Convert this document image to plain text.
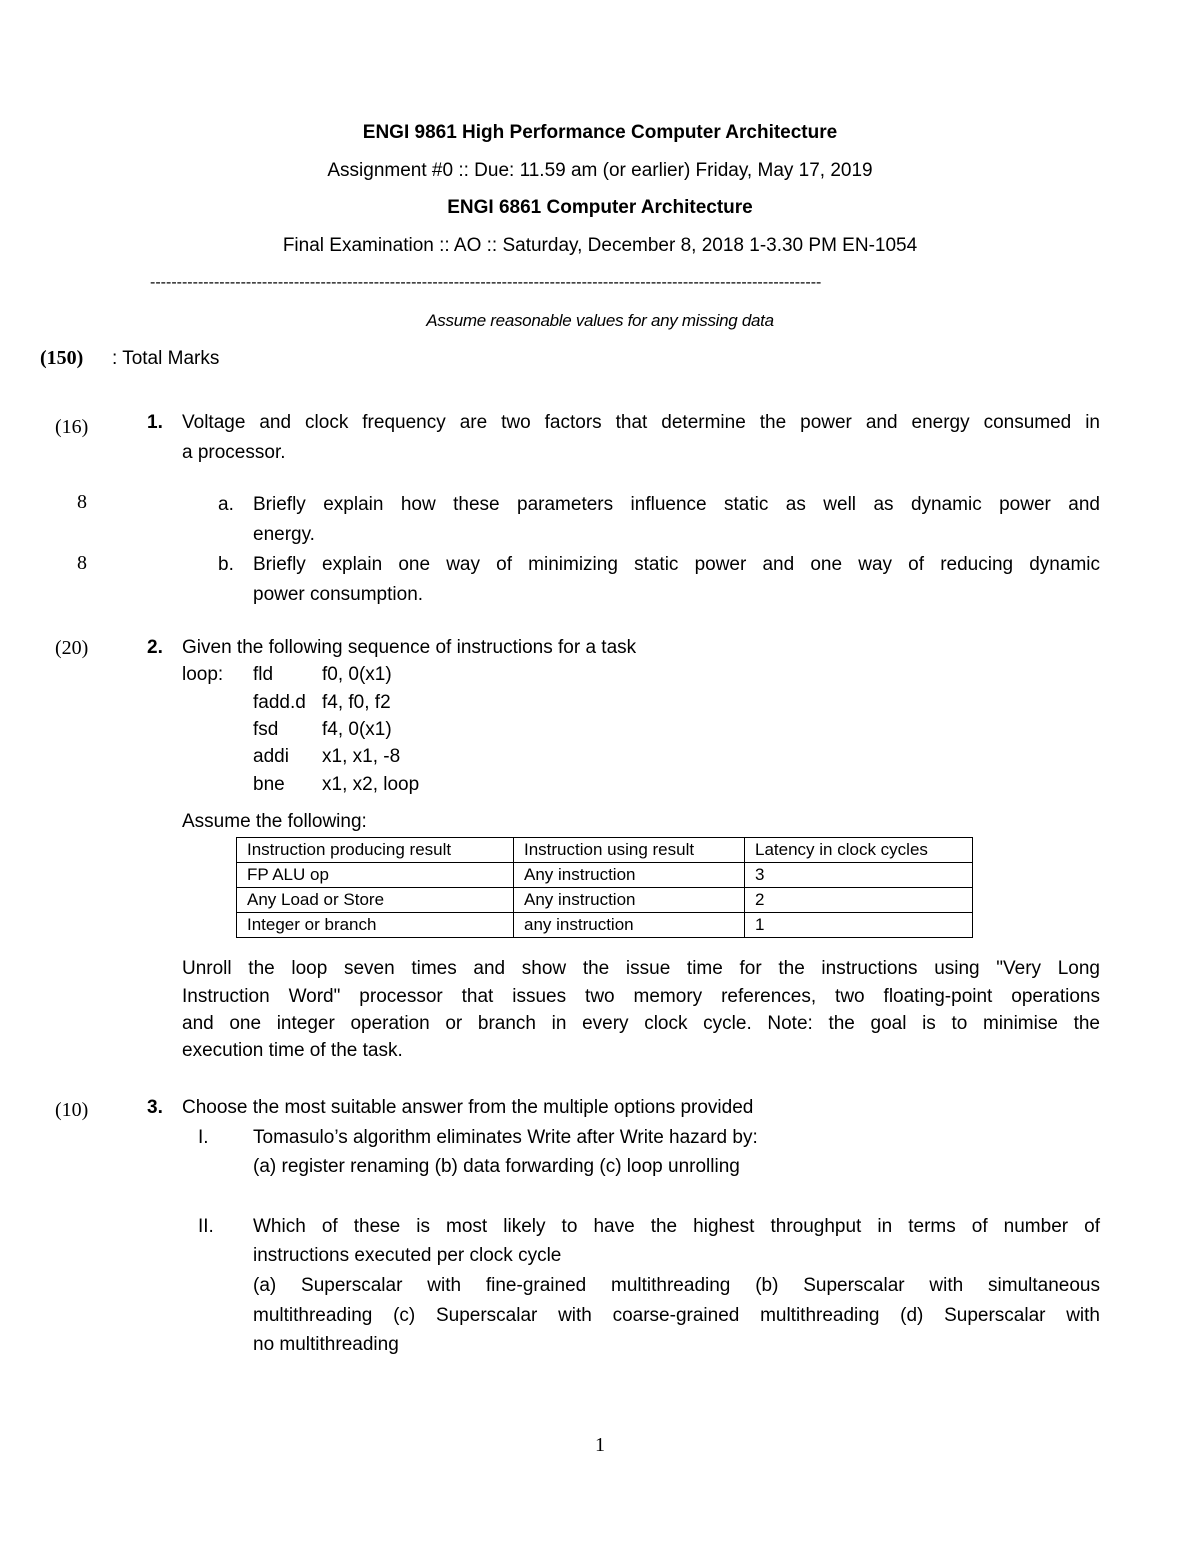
ENGI 9861 High Performance Computer Architecture
Assignment #0 :: Due: 11.59 am (or earlier) Friday, May 17, 2019
ENGI 6861 Computer Architecture
Final Examination :: AO :: Saturday, December 8, 2018 1-3.30 PM EN-1054
------------------------------------------------------------------------------------------------------------------------------
Assume reasonable values for any missing data
(150) : Total Marks
(16)	1. Voltage and clock frequency are two factors that determine the power and energy consumed in
a processor.
8	a. Briefly explain how these parameters influence static as well as dynamic power and
energy.
8	b. Briefly explain one way of minimizing static power and one way of reducing dynamic
power consumption.
(20)	2. Given the following sequence of instructions for a task
loop: fld	f0, 0(x1)
fadd.d f4, f0, f2
fsd f4, 0(x1)
addi x1, x1, -8
bne x1, x2, loop
Assume the following:
Instruction producing result	Instruction using result	Latency in clock cycles
FP ALU op	Any instruction	3
Any Load or Store	Any instruction	2
Integer or branch	any instruction	1
Unroll the loop seven times and show the issue time for the instructions using "Very Long
Instruction Word" processor that issues two memory references, two floating-point operations
and one integer operation or branch in every clock cycle. Note: the goal is to minimise the
execution time of the task.
(10)	3. Choose the most suitable answer from the multiple options provided
I. Tomasulo’s algorithm eliminates Write after Write hazard by:
(a) register renaming (b) data forwarding (c) loop unrolling
II. Which of these is most likely to have the highest throughput in terms of number of
instructions executed per clock cycle
(a) Superscalar with fine-grained multithreading (b) Superscalar with simultaneous
multithreading (c) Superscalar with coarse-grained multithreading (d) Superscalar with
no multithreading
1
